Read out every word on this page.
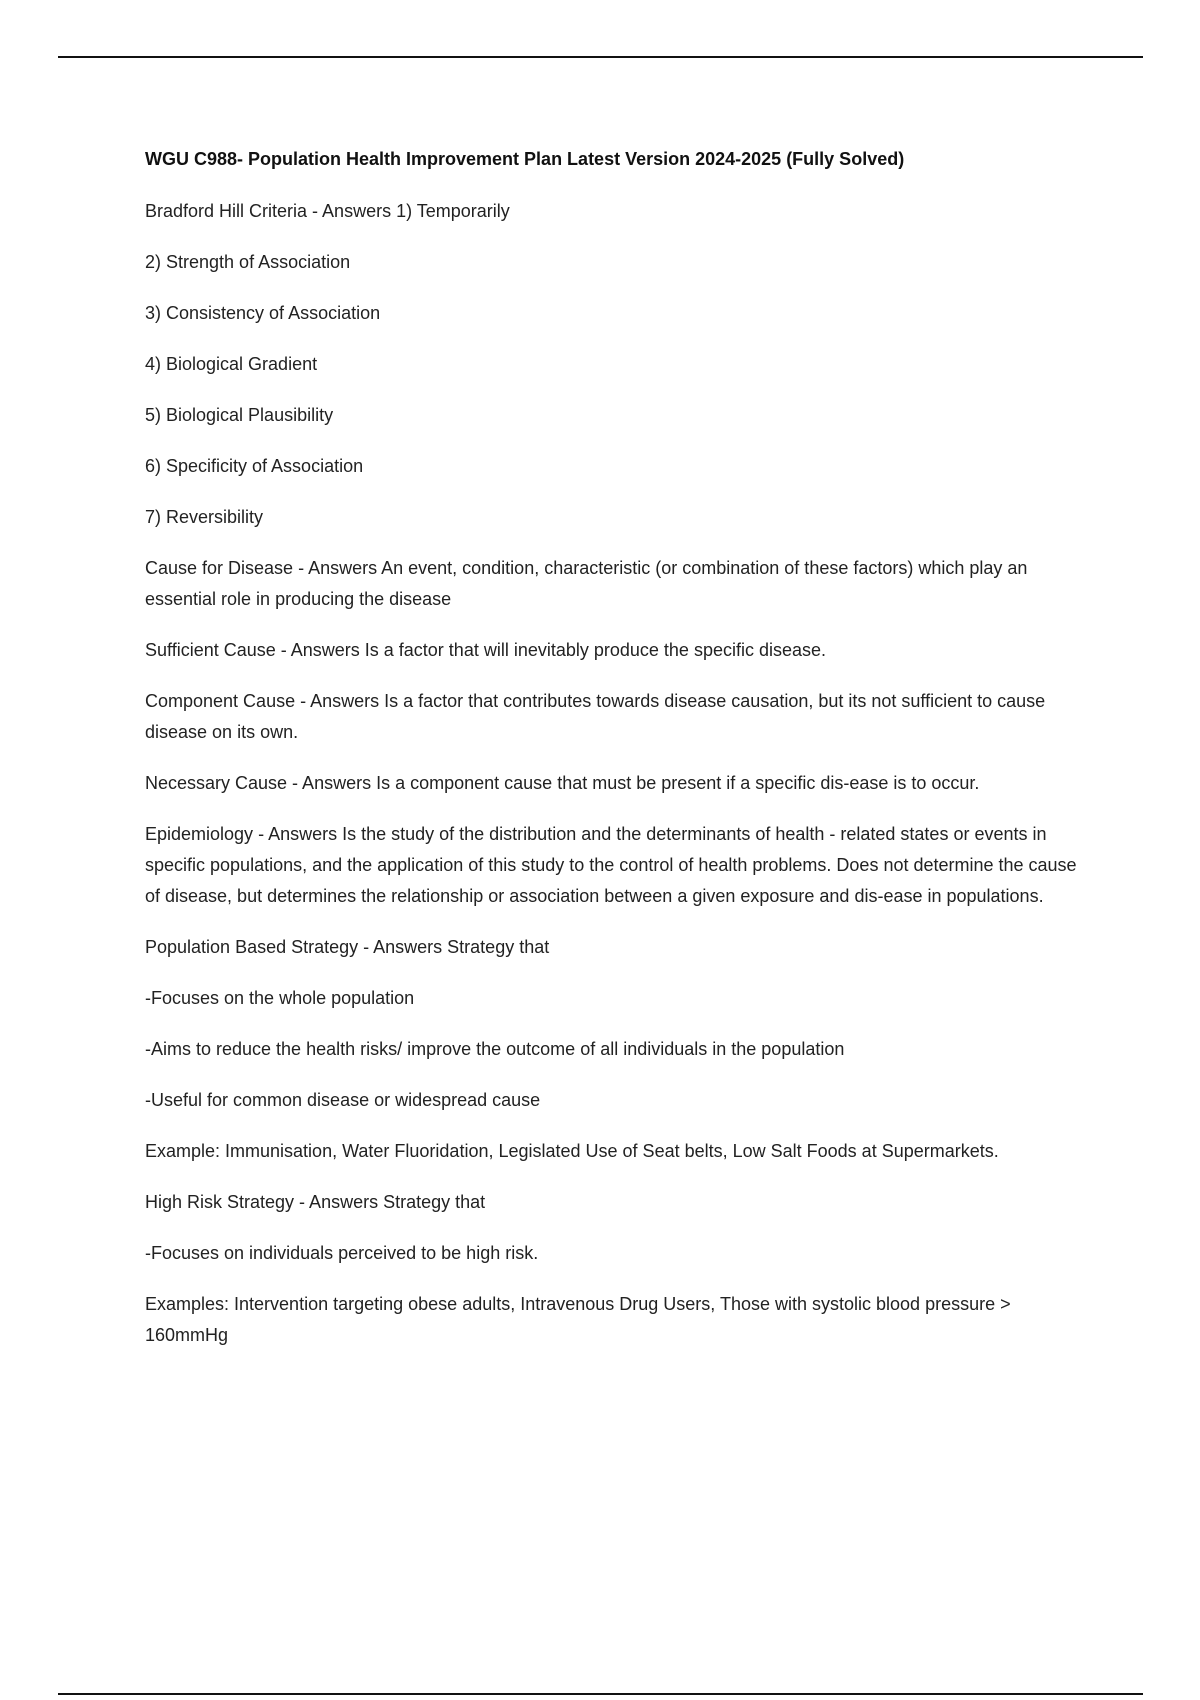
WGU C988- Population Health Improvement Plan Latest Version 2024-2025 (Fully Solved)
Bradford Hill Criteria - Answers 1) Temporarily
2) Strength of Association
3) Consistency of Association
4) Biological Gradient
5) Biological Plausibility
6) Specificity of Association
7) Reversibility
Cause for Disease - Answers An event, condition, characteristic (or combination of these factors) which play an essential role in producing the disease
Sufficient Cause - Answers Is a factor that will inevitably produce the specific disease.
Component Cause - Answers Is a factor that contributes towards disease causation, but its not sufficient to cause disease on its own.
Necessary Cause - Answers Is a component cause that must be present if a specific dis-ease is to occur.
Epidemiology - Answers Is the study of the distribution and the determinants of health - related states or events in specific populations, and the application of this study to the control of health problems. Does not determine the cause of disease, but determines the relationship or association between a given exposure and dis-ease in populations.
Population Based Strategy - Answers Strategy that
-Focuses on the whole population
-Aims to reduce the health risks/ improve the outcome of all individuals in the population
-Useful for common disease or widespread cause
Example: Immunisation, Water Fluoridation, Legislated Use of Seat belts, Low Salt Foods at Supermarkets.
High Risk Strategy - Answers Strategy that
-Focuses on individuals perceived to be high risk.
Examples: Intervention targeting obese adults, Intravenous Drug Users, Those with systolic blood pressure > 160mmHg
